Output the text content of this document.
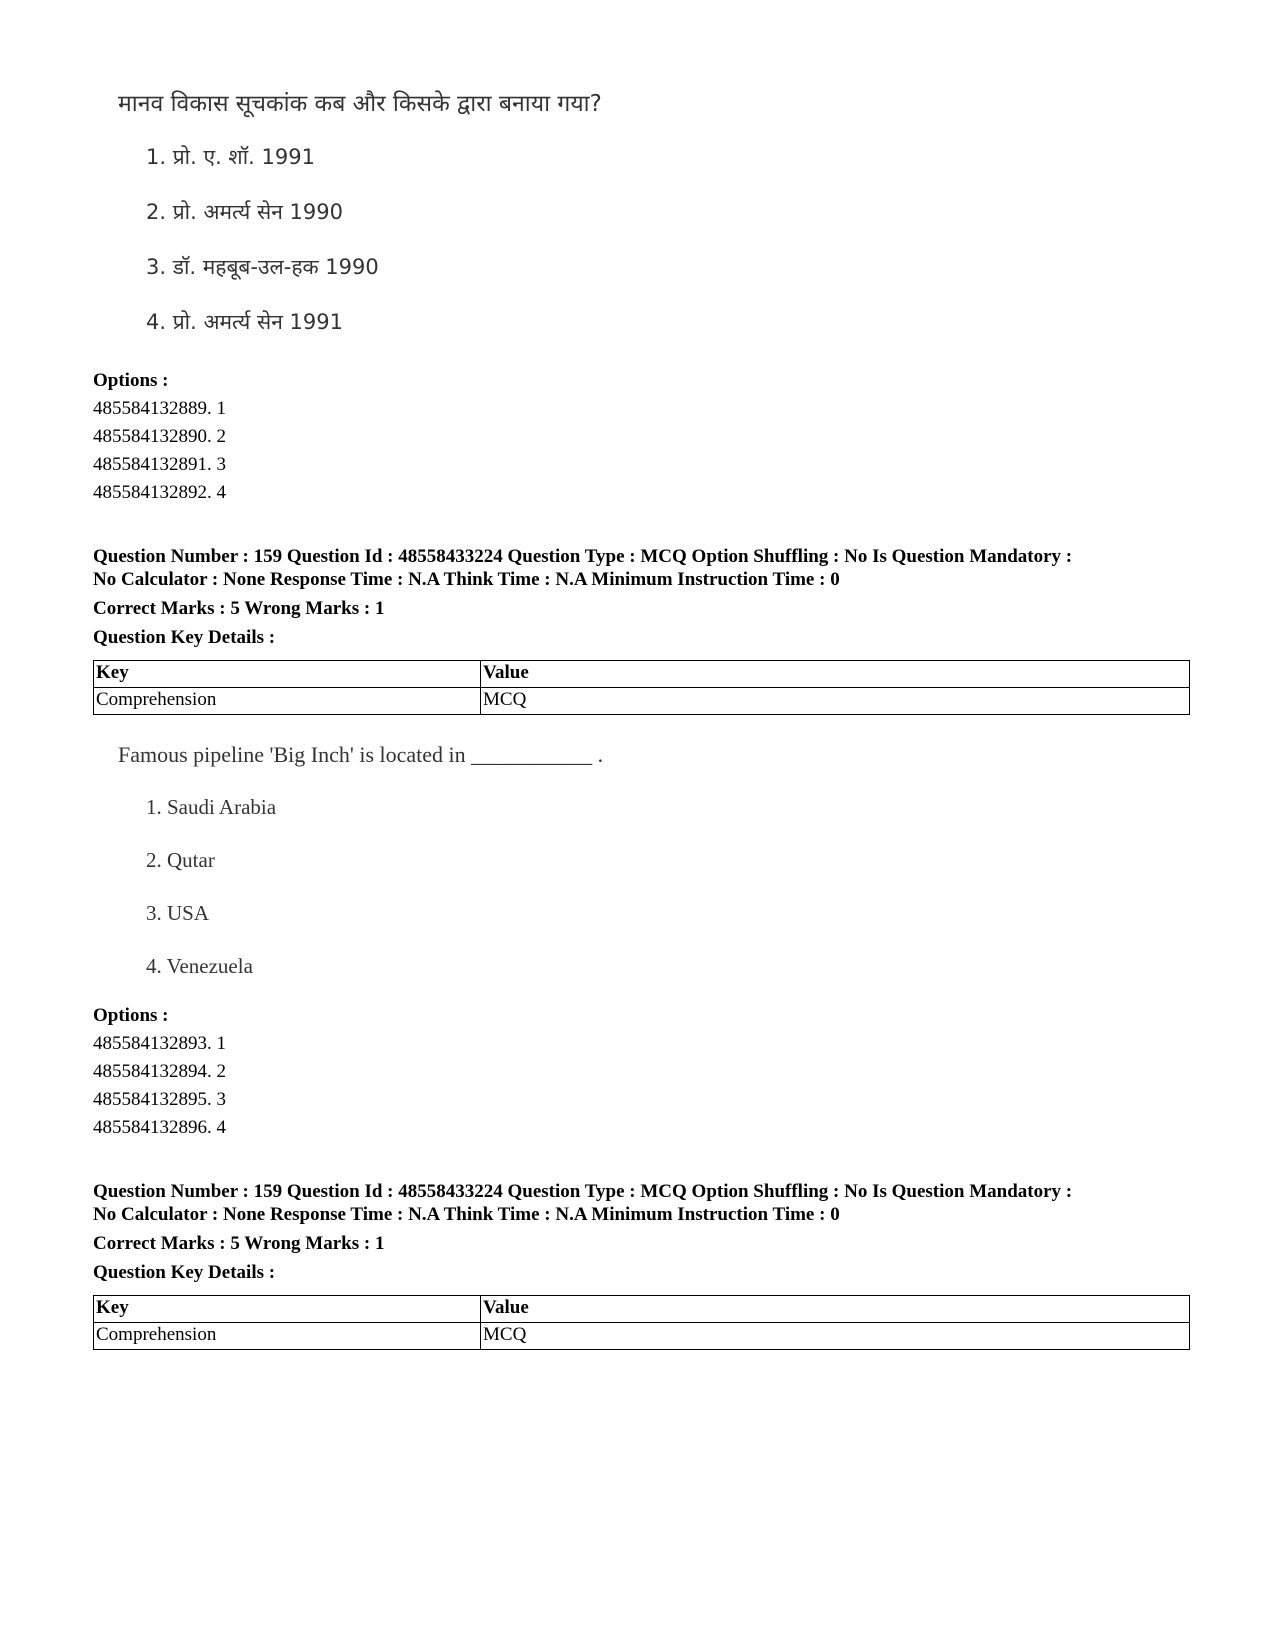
मानव विकास सूचकांक कब और किसके द्वारा बनाया गया?
1. प्रो. ए. शॉ. 1991
2. प्रो. अमर्त्य सेन 1990
3. डॉ. महबूब-उल-हक 1990
4. प्रो. अमर्त्य सेन 1991
Options :
485584132889. 1
485584132890. 2
485584132891. 3
485584132892. 4
Question Number : 159 Question Id : 48558433224 Question Type : MCQ Option Shuffling : No Is Question Mandatory :
No Calculator : None Response Time : N.A Think Time : N.A Minimum Instruction Time : 0
Correct Marks : 5 Wrong Marks : 1
Question Key Details :
Key	Value
Comprehension	MCQ
Famous pipeline 'Big Inch' is located in ___________ .
1. Saudi Arabia
2. Qutar
3. USA
4. Venezuela
Options :
485584132893. 1
485584132894. 2
485584132895. 3
485584132896. 4
Question Number : 159 Question Id : 48558433224 Question Type : MCQ Option Shuffling : No Is Question Mandatory :
No Calculator : None Response Time : N.A Think Time : N.A Minimum Instruction Time : 0
Correct Marks : 5 Wrong Marks : 1
Question Key Details :
Key	Value
Comprehension	MCQ
